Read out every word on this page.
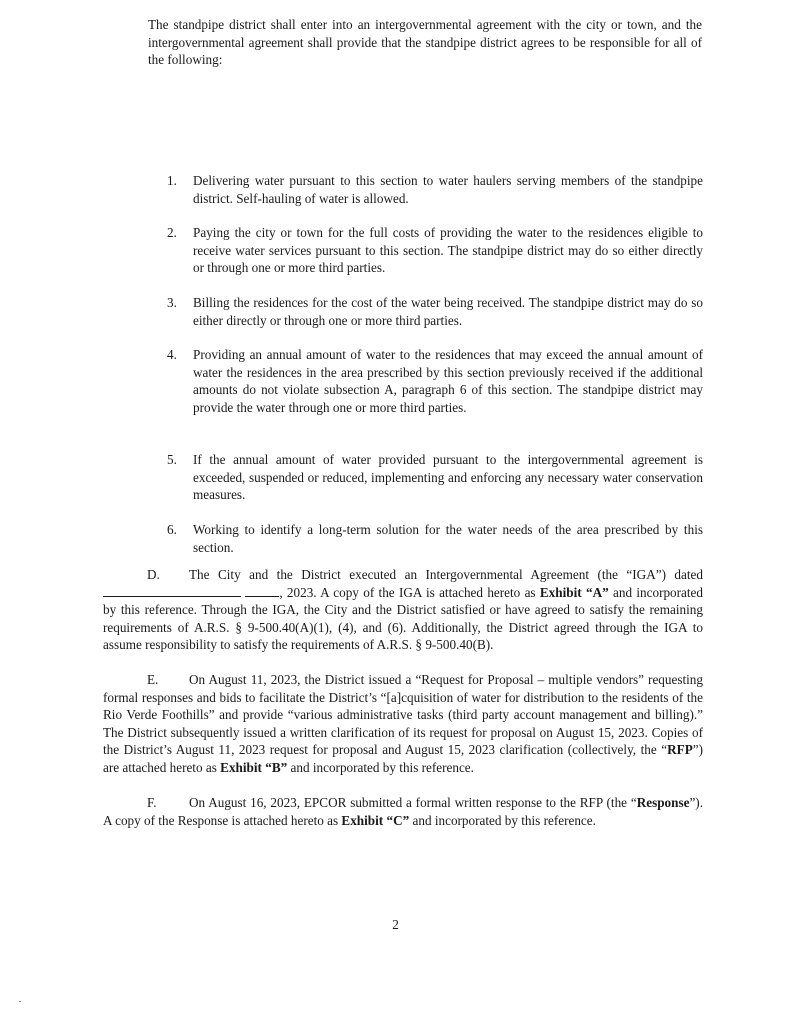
The standpipe district shall enter into an intergovernmental agreement with the city or town, and the intergovernmental agreement shall provide that the standpipe district agrees to be responsible for all of the following:
1. Delivering water pursuant to this section to water haulers serving members of the standpipe district. Self-hauling of water is allowed.
2. Paying the city or town for the full costs of providing the water to the residences eligible to receive water services pursuant to this section. The standpipe district may do so either directly or through one or more third parties.
3. Billing the residences for the cost of the water being received. The standpipe district may do so either directly or through one or more third parties.
4. Providing an annual amount of water to the residences that may exceed the annual amount of water the residences in the area prescribed by this section previously received if the additional amounts do not violate subsection A, paragraph 6 of this section. The standpipe district may provide the water through one or more third parties.
5. If the annual amount of water provided pursuant to the intergovernmental agreement is exceeded, suspended or reduced, implementing and enforcing any necessary water conservation measures.
6. Working to identify a long-term solution for the water needs of the area prescribed by this section.
D. The City and the District executed an Intergovernmental Agreement (the “IGA”) dated  , 2023. A copy of the IGA is attached hereto as Exhibit “A” and incorporated by this reference. Through the IGA, the City and the District satisfied or have agreed to satisfy the remaining requirements of A.R.S. § 9-500.40(A)(1), (4), and (6). Additionally, the District agreed through the IGA to assume responsibility to satisfy the requirements of A.R.S. § 9-500.40(B).
E. On August 11, 2023, the District issued a “Request for Proposal – multiple vendors” requesting formal responses and bids to facilitate the District’s “[a]cquisition of water for distribution to the residents of the Rio Verde Foothills” and provide “various administrative tasks (third party account management and billing).” The District subsequently issued a written clarification of its request for proposal on August 15, 2023. Copies of the District’s August 11, 2023 request for proposal and August 15, 2023 clarification (collectively, the “RFP”) are attached hereto as Exhibit “B” and incorporated by this reference.
F. On August 16, 2023, EPCOR submitted a formal written response to the RFP (the “Response”). A copy of the Response is attached hereto as Exhibit “C” and incorporated by this reference.
2
